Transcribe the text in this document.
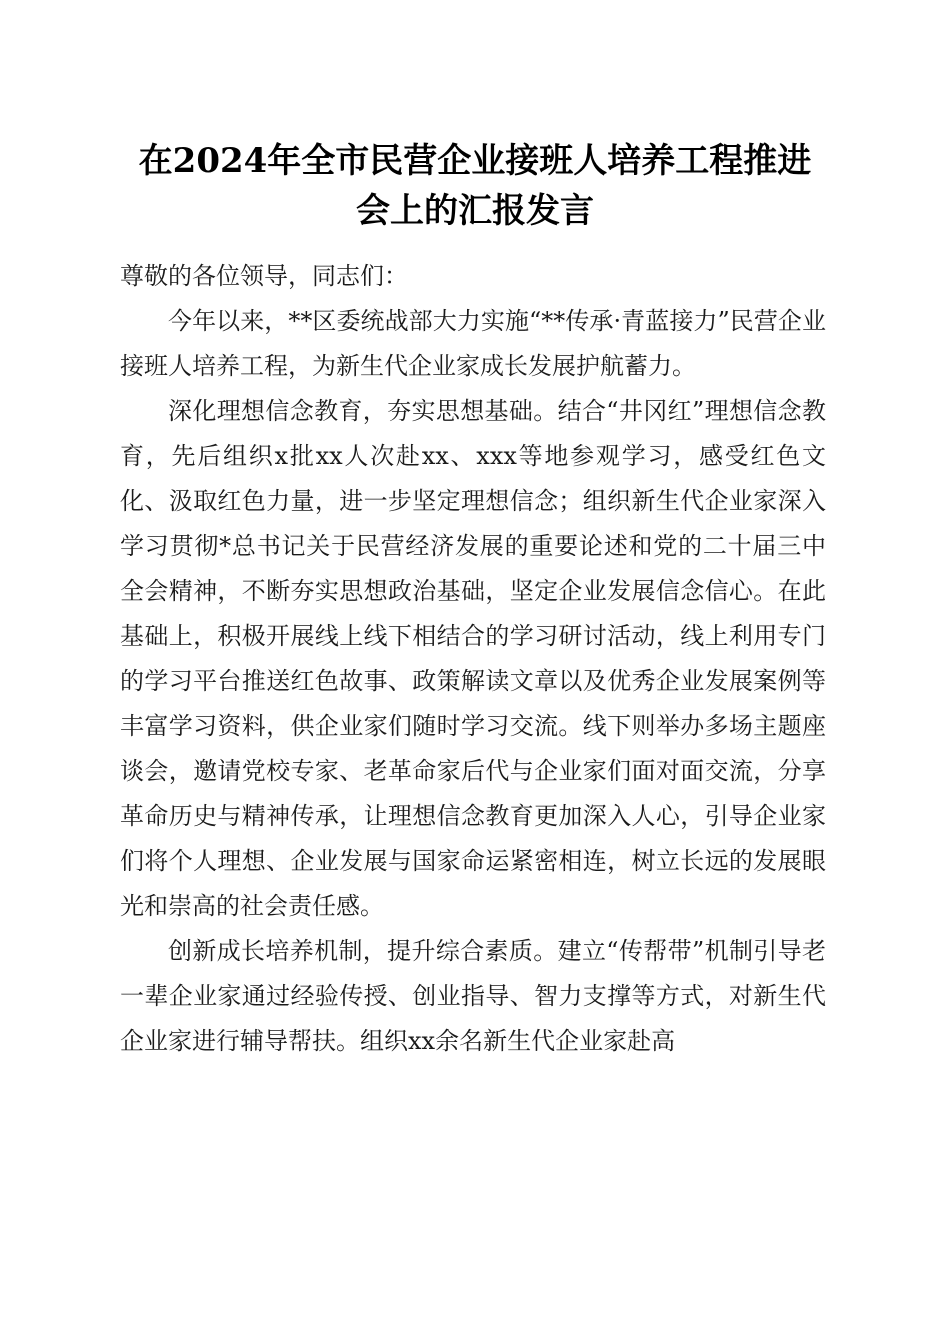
在2024年全市民营企业接班人培养工程推进
会上的汇报发言

尊敬的各位领导，同志们：

今年以来，**区委统战部大力实施“**传承·青蓝接力”民营企业接班人培养工程，为新生代企业家成长发展护航蓄力。

深化理想信念教育，夯实思想基础。结合“井冈红”理想信念教育，先后组织x批xx人次赴xx、xxx等地参观学习，感受红色文化、汲取红色力量，进一步坚定理想信念；组织新生代企业家深入学习贯彻*总书记关于民营经济发展的重要论述和党的二十届三中全会精神，不断夯实思想政治基础，坚定企业发展信念信心。在此基础上，积极开展线上线下相结合的学习研讨活动，线上利用专门的学习平台推送红色故事、政策解读文章以及优秀企业发展案例等丰富学习资料，供企业家们随时学习交流。线下则举办多场主题座谈会，邀请党校专家、老革命家后代与企业家们面对面交流，分享革命历史与精神传承，让理想信念教育更加深入人心，引导企业家们将个人理想、企业发展与国家命运紧密相连，树立长远的发展眼光和崇高的社会责任感。

创新成长培养机制，提升综合素质。建立“传帮带”机制引导老一辈企业家通过经验传授、创业指导、智力支撑等方式，对新生代企业家进行辅导帮扶。组织xx余名新生代企业家赴高
